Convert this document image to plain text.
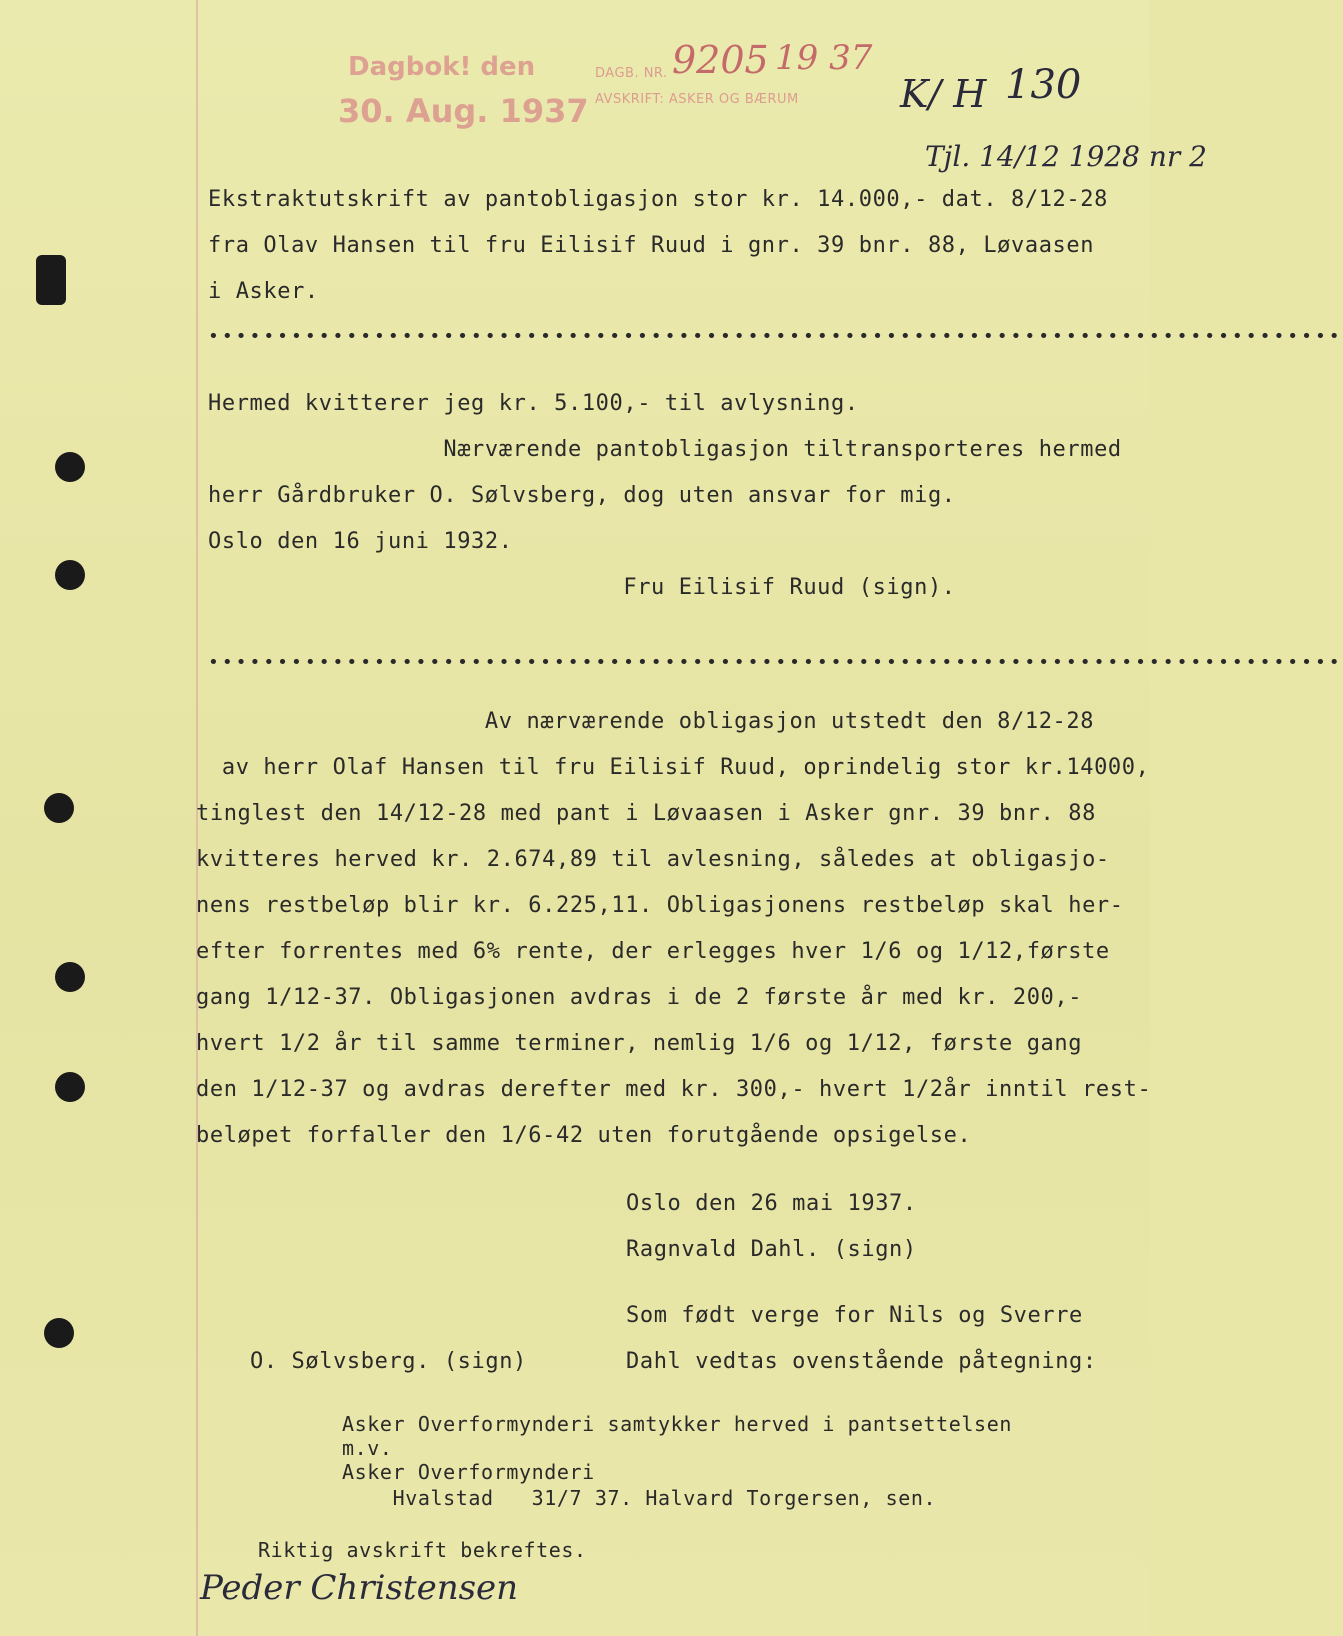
Dagbok! den
30. Aug. 1937
DAGB. NR. 9205 19 37
AVSKRIFT: ASKER OG BÆRUM	K/ H 130
Tjl. 14/12 1928 nr 2
Ekstraktutskrift av pantobligasjon stor kr. 14.000,- dat. 8/12-28
fra Olav Hansen til fru Eilisif Ruud i gnr. 39 bnr. 88, Løvaasen
i Asker.
••••••••••••••••••••••••••••••••••••••••••••••••••••••••••••••••••••••••••••••••••
Hermed kvitterer jeg kr. 5.100,- til avlysning.
Nærværende pantobligasjon tiltransporteres hermed
herr Gårdbruker O. Sølvsberg, dog uten ansvar for mig.
Oslo den 16 juni 1932.
Fru Eilisif Ruud (sign).
••••••••••••••••••••••••••••••••••••••••••••••••••••••••••••••••••••••••••••••••••
Av nærværende obligasjon utstedt den 8/12-28
av herr Olaf Hansen til fru Eilisif Ruud, oprindelig stor kr.14000,
tinglest den 14/12-28 med pant i Løvaasen i Asker gnr. 39 bnr. 88
kvitteres herved kr. 2.674,89 til avlesning, således at obligasjo-
nens restbeløp blir kr. 6.225,11. Obligasjonens restbeløp skal her-
efter forrentes med 6% rente, der erlegges hver 1/6 og 1/12,første
gang 1/12-37. Obligasjonen avdras i de 2 første år med kr. 200,-
hvert 1/2 år til samme terminer, nemlig 1/6 og 1/12, første gang
den 1/12-37 og avdras derefter med kr. 300,- hvert 1/2år inntil rest-
beløpet forfaller den 1/6-42 uten forutgående opsigelse.
Oslo den 26 mai 1937.
Ragnvald Dahl. (sign)
Som født verge for Nils og Sverre
Dahl vedtas ovenstående påtegning:
O. Sølvsberg. (sign)
Asker Overformynderi samtykker herved i pantsettelsen
m.v.
Asker Overformynderi
Hvalstad   31/7 37. Halvard Torgersen, sen.
Riktig avskrift bekreftes.
Peder Christensen
